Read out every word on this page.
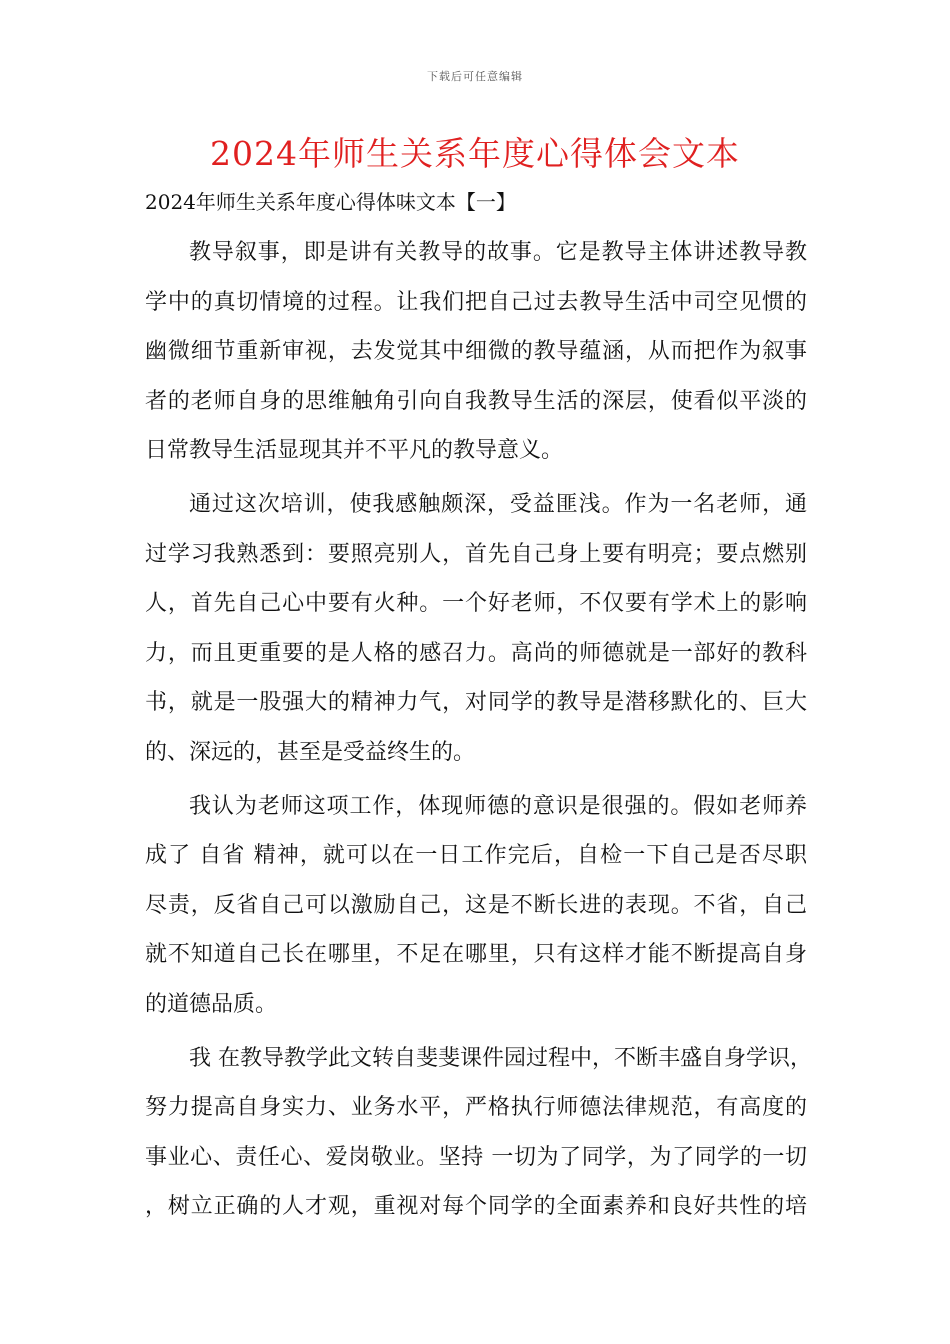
下载后可任意编辑
2024年师生关系年度心得体会文本
2024年师生关系年度心得体味文本【一】
教导叙事，即是讲有关教导的故事。它是教导主体讲述教导教
学中的真切情境的过程。让我们把自己过去教导生活中司空见惯的
幽微细节重新审视，去发觉其中细微的教导蕴涵，从而把作为叙事
者的老师自身的思维触角引向自我教导生活的深层，使看似平淡的
日常教导生活显现其并不平凡的教导意义。
通过这次培训，使我感触颇深，受益匪浅。作为一名老师，通
过学习我熟悉到：要照亮别人，首先自己身上要有明亮；要点燃别
人，首先自己心中要有火种。一个好老师，不仅要有学术上的影响
力，而且更重要的是人格的感召力。高尚的师德就是一部好的教科
书，就是一股强大的精神力气，对同学的教导是潜移默化的、巨大
的、深远的，甚至是受益终生的。
我认为老师这项工作，体现师德的意识是很强的。假如老师养
成了 自省 精神，就可以在一日工作完后，自检一下自己是否尽职
尽责，反省自己可以激励自己，这是不断长进的表现。不省，自己
就不知道自己长在哪里，不足在哪里，只有这样才能不断提高自身
的道德品质。
我 在教导教学此文转自斐斐课件园过程中，不断丰盛自身学识，
努力提高自身实力、业务水平，严格执行师德法律规范，有高度的
事业心、责任心、爱岗敬业。坚持 一切为了同学，为了同学的一切
，树立正确的人才观，重视对每个同学的全面素养和良好共性的培
